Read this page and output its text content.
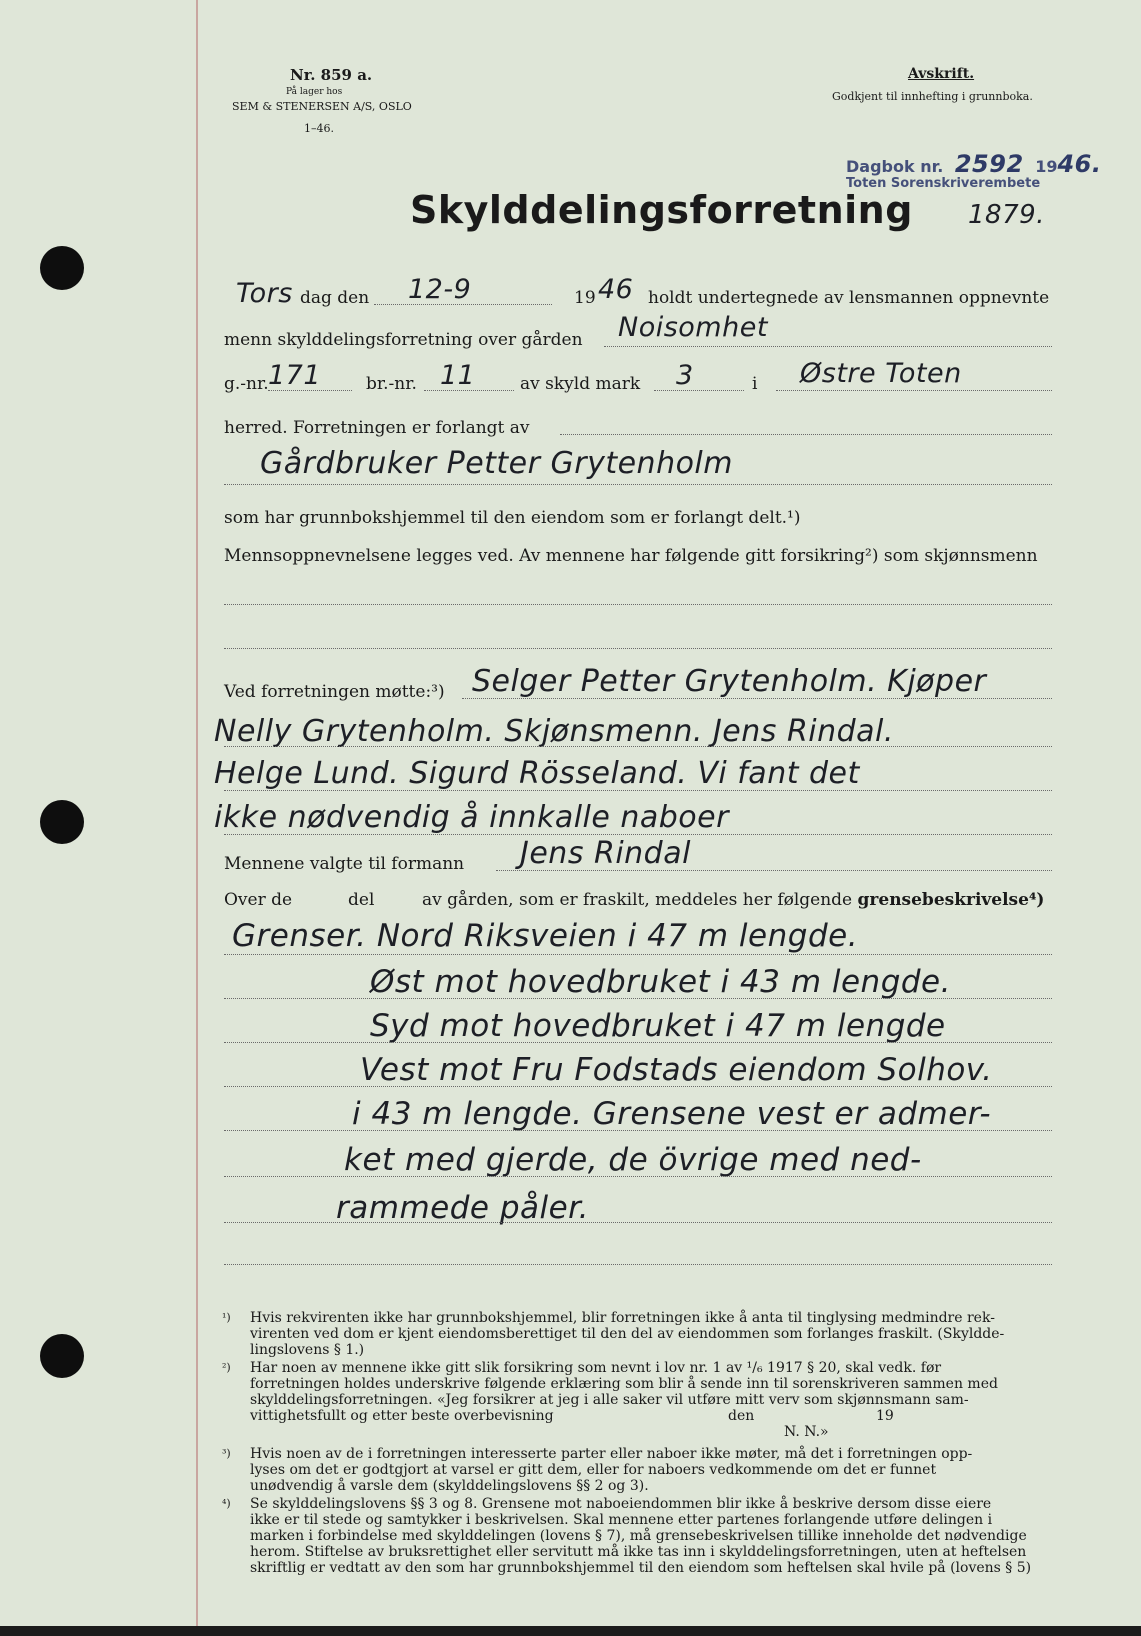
Nr. 859 a.
På lager hos
SEM & STENERSEN A/S, OSLO
1–46.
Avskrift.
Godkjent til innhefting i grunnboka.
Dagbok nr. 2592 1946.
Toten Sorenskriverembete
1879.
Skylddelingsforretning
Tors dag den 12-9	19 46 holdt undertegnede av lensmannen oppnevnte
menn skylddelingsforretning over gården Noisomhet
g.-nr. 171	br.-nr. 11	av skyld mark 3	i Østre Toten
herred. Forretningen er forlangt av
Gårdbruker Petter Grytenholm
som har grunnbokshjemmel til den eiendom som er forlangt delt.¹)
Mennsoppnevnelsene legges ved. Av mennene har følgende gitt forsikring²) som skjønnsmenn
Ved forretningen møtte:³) Selger Petter Grytenholm. Kjøper
Nelly Grytenholm. Skjønsmenn. Jens Rindal.
Helge Lund. Sigurd Rösseland. Vi fant det
ikke nødvendig å innkalle naboer
Mennene valgte til formann Jens Rindal
Over de	del	av gården, som er fraskilt, meddeles her følgende grensebeskrivelse⁴)
Grenser. Nord Riksveien i 47 m lengde.
Øst mot hovedbruket i 43 m lengde.
Syd mot hovedbruket i 47 m lengde
Vest mot Fru Fodstads eiendom Solhov.
i 43 m lengde. Grensene vest er admer-
ket med gjerde, de övrige med ned-
rammede påler.
¹) Hvis rekvirenten ikke har grunnbokshjemmel, blir forretningen ikke å anta til tinglysing medmindre rek-
virenten ved dom er kjent eiendomsberettiget til den del av eiendommen som forlanges fraskilt. (Skyldde-
lingslovens § 1.)
²) Har noen av mennene ikke gitt slik forsikring som nevnt i lov nr. 1 av ¹/₆ 1917 § 20, skal vedk. før
forretningen holdes underskrive følgende erklæring som blir å sende inn til sorenskriveren sammen med
skylddelingsforretningen. «Jeg forsikrer at jeg i alle saker vil utføre mitt verv som skjønnsmann sam-
vittighetsfullt og etter beste overbevisning	den	19
N. N.»
³) Hvis noen av de i forretningen interesserte parter eller naboer ikke møter, må det i forretningen opp-
lyses om det er godtgjort at varsel er gitt dem, eller for naboers vedkommende om det er funnet
unødvendig å varsle dem (skylddelingslovens §§ 2 og 3).
⁴) Se skylddelingslovens §§ 3 og 8. Grensene mot naboeiendommen blir ikke å beskrive dersom disse eiere
ikke er til stede og samtykker i beskrivelsen. Skal mennene etter partenes forlangende utføre delingen i
marken i forbindelse med skylddelingen (lovens § 7), må grensebeskrivelsen tillike inneholde det nødvendige
herom. Stiftelse av bruksrettighet eller servitutt må ikke tas inn i skylddelingsforretningen, uten at heftelsen
skriftlig er vedtatt av den som har grunnbokshjemmel til den eiendom som heftelsen skal hvile på (lovens § 5)
